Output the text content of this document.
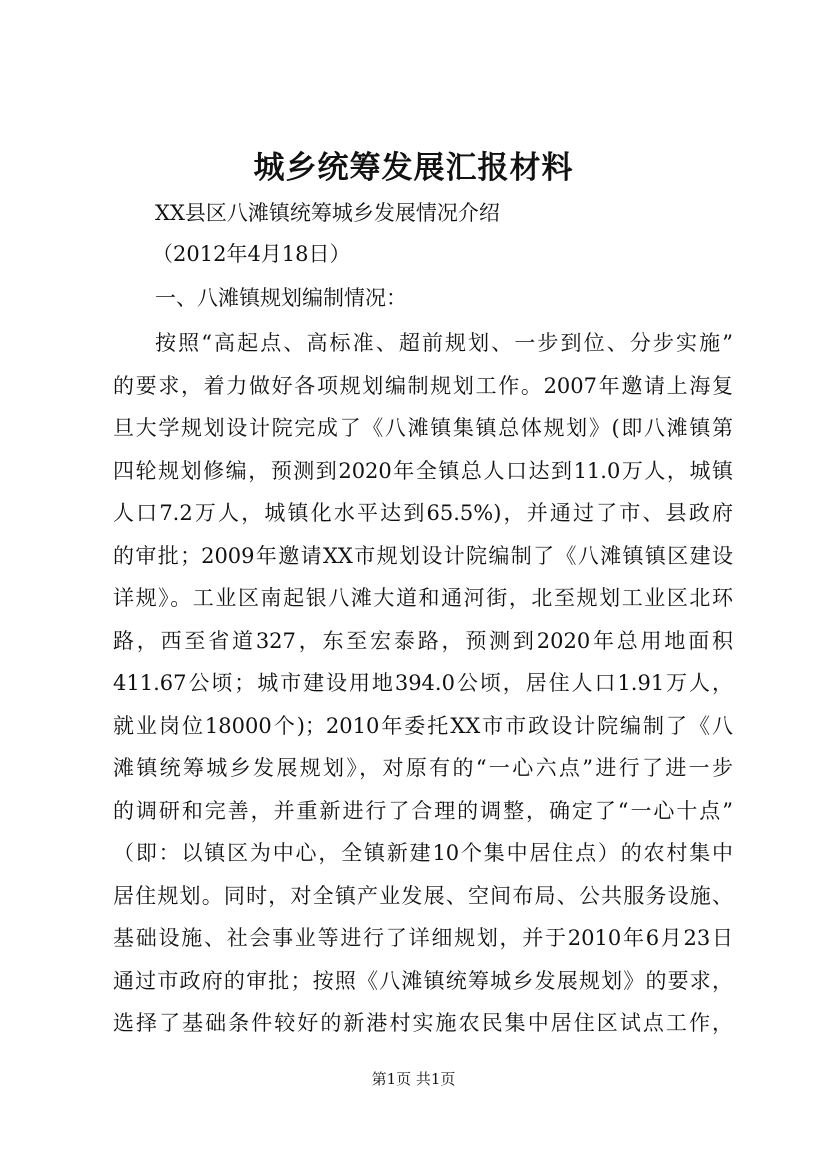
城乡统筹发展汇报材料
XX县区八滩镇统筹城乡发展情况介绍
（2012年4月18日）
一、八滩镇规划编制情况：
按照“高起点、高标准、超前规划、一步到位、分步实施”
的要求，着力做好各项规划编制规划工作。2007年邀请上海复
旦大学规划设计院完成了《八滩镇集镇总体规划》(即八滩镇第
四轮规划修编，预测到2020年全镇总人口达到11.0万人，城镇
人口7.2万人，城镇化水平达到65.5%)，并通过了市、县政府
的审批；2009年邀请XX市规划设计院编制了《八滩镇镇区建设
详规》。工业区南起银八滩大道和通河街，北至规划工业区北环
路，西至省道327，东至宏泰路，预测到2020年总用地面积
411.67公顷；城市建设用地394.0公顷，居住人口1.91万人，
就业岗位18000个)；2010年委托XX市市政设计院编制了《八
滩镇统筹城乡发展规划》，对原有的“一心六点”进行了进一步
的调研和完善，并重新进行了合理的调整，确定了“一心十点”
（即：以镇区为中心，全镇新建10个集中居住点）的农村集中
居住规划。同时，对全镇产业发展、空间布局、公共服务设施、
基础设施、社会事业等进行了详细规划，并于2010年6月23日
通过市政府的审批；按照《八滩镇统筹城乡发展规划》的要求，
选择了基础条件较好的新港村实施农民集中居住区试点工作，
第1页 共1页
